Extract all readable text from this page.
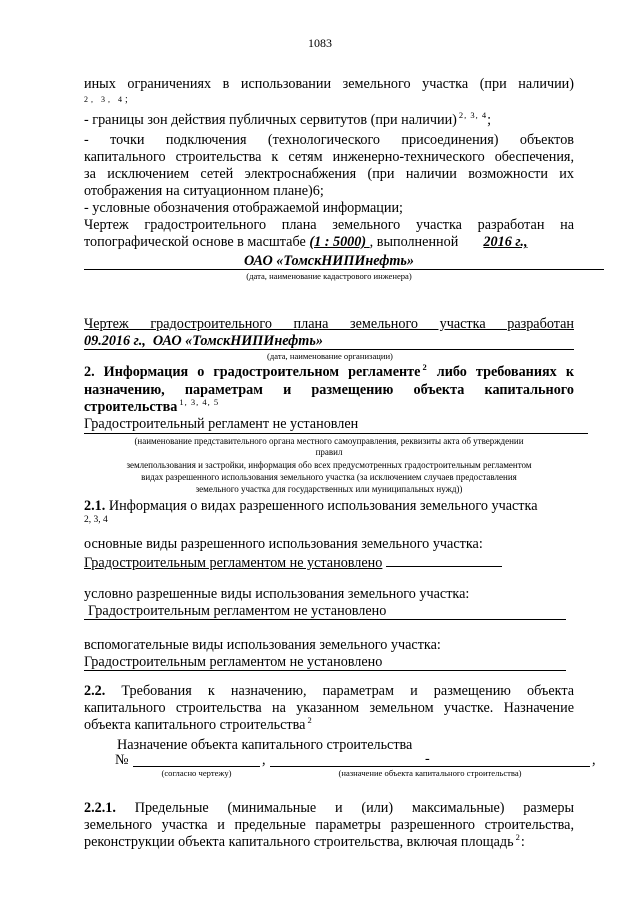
1083
иных ограничениях в использовании земельного участка (при наличии)
2, 3, 4;
- границы зон действия публичных сервитутов (при наличии) $^{2, 3, 4}$;
- точки подключения (технологического присоединения) объектов
капитального строительства к сетям инженерно-технического обеспечения,
за исключением сетей электроснабжения (при наличии возможности их
отображения на ситуационном плане)6;
- условные обозначения отображаемой информации;
Чертеж градостроительного плана земельного участка разработан на
топографической основе в масштабе (1 : 5000) , выполненной 2016 г.,
ОАО «ТомскНИПИнефть»
(дата, наименование кадастрового инженера)
Чертеж градостроительного плана земельного участка разработан
09.2016 г., ОАО «ТомскНИПИнефть»
(дата, наименование организации)
2. Информация о градостроительном регламенте $^2$ либо требованиях к
назначению, параметрам и размещению объекта капитального
строительства $^{1, 3, 4, 5}$
Градостроительный регламент не установлен
(наименование представительного органа местного самоуправления, реквизиты акта об утверждении
правил
землепользования и застройки, информация обо всех предусмотренных градостроительным регламентом
видах разрешенного использования земельного участка (за исключением случаев предоставления
земельного участка для государственных или муниципальных нужд))
2.1. Информация о видах разрешенного использования земельного участка
2, 3, 4
основные виды разрешенного использования земельного участка:
Градостроительным регламентом не установлено
условно разрешенные виды использования земельного участка:
Градостроительным регламентом не установлено
вспомогательные виды использования земельного участка:
Градостроительным регламентом не установлено
2.2. Требования к назначению, параметрам и размещению объекта
капитального строительства на указанном земельном участке. Назначение
объекта капитального строительства $^2$
Назначение объекта капитального строительства
№	,	-	,
(согласно чертежу)	(назначение объекта капитального строительства)
2.2.1. Предельные (минимальные и (или) максимальные) размеры
земельного участка и предельные параметры разрешенного строительства,
реконструкции объекта капитального строительства, включая площадь $^2$:
